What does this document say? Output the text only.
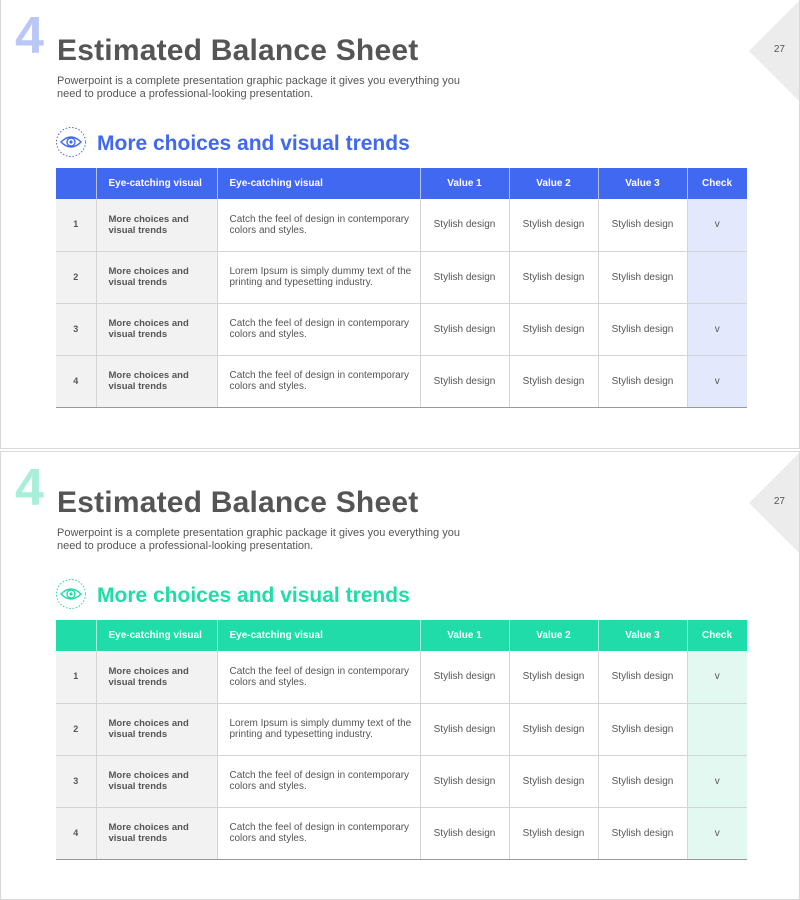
4 Estimated Balance Sheet
Powerpoint is a complete presentation graphic package it gives you everything you need to produce a professional-looking presentation.
27
More choices and visual trends
	Eye-catching visual	Eye-catching visual	Value 1	Value 2	Value 3	Check
1	More choices and visual trends	Catch the feel of design in contemporary colors and styles.	Stylish design	Stylish design	Stylish design	v
2	More choices and visual trends	Lorem Ipsum is simply dummy text of the printing and typesetting industry.	Stylish design	Stylish design	Stylish design	
3	More choices and visual trends	Catch the feel of design in contemporary colors and styles.	Stylish design	Stylish design	Stylish design	v
4	More choices and visual trends	Catch the feel of design in contemporary colors and styles.	Stylish design	Stylish design	Stylish design	v
4 Estimated Balance Sheet
Powerpoint is a complete presentation graphic package it gives you everything you need to produce a professional-looking presentation.
27
More choices and visual trends
	Eye-catching visual	Eye-catching visual	Value 1	Value 2	Value 3	Check
1	More choices and visual trends	Catch the feel of design in contemporary colors and styles.	Stylish design	Stylish design	Stylish design	v
2	More choices and visual trends	Lorem Ipsum is simply dummy text of the printing and typesetting industry.	Stylish design	Stylish design	Stylish design	
3	More choices and visual trends	Catch the feel of design in contemporary colors and styles.	Stylish design	Stylish design	Stylish design	v
4	More choices and visual trends	Catch the feel of design in contemporary colors and styles.	Stylish design	Stylish design	Stylish design	v
